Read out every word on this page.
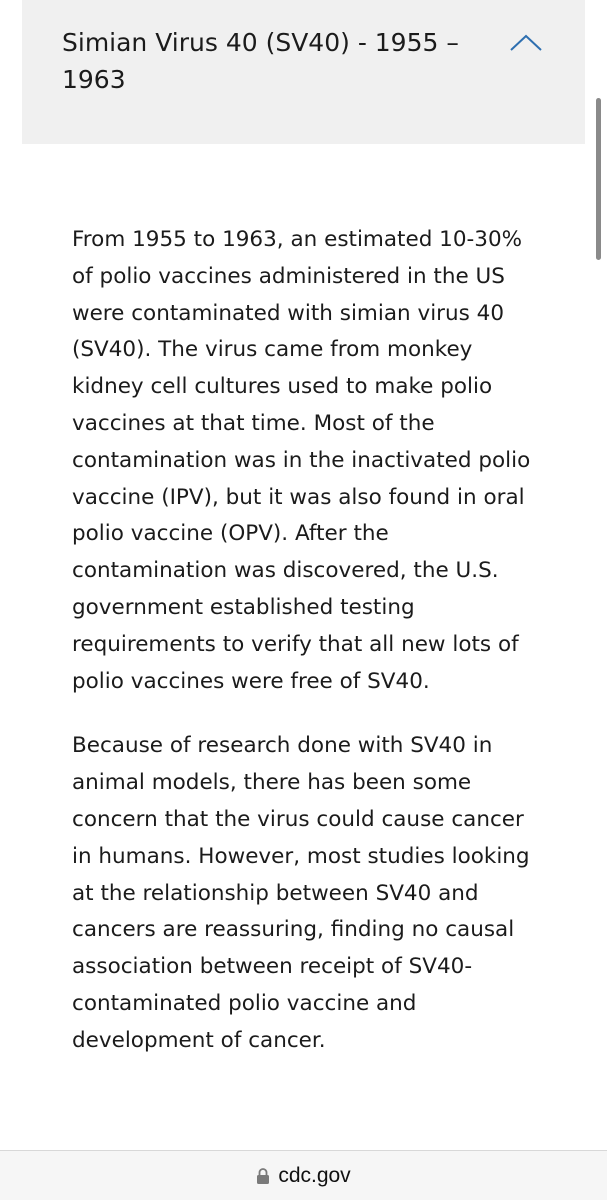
Simian Virus 40 (SV40) - 1955 – 1963

From 1955 to 1963, an estimated 10-30% of polio vaccines administered in the US were contaminated with simian virus 40 (SV40). The virus came from monkey kidney cell cultures used to make polio vaccines at that time. Most of the contamination was in the inactivated polio vaccine (IPV), but it was also found in oral polio vaccine (OPV). After the contamination was discovered, the U.S. government established testing requirements to verify that all new lots of polio vaccines were free of SV40.

Because of research done with SV40 in animal models, there has been some concern that the virus could cause cancer in humans. However, most studies looking at the relationship between SV40 and cancers are reassuring, finding no causal association between receipt of SV40-contaminated polio vaccine and development of cancer.

cdc.gov
